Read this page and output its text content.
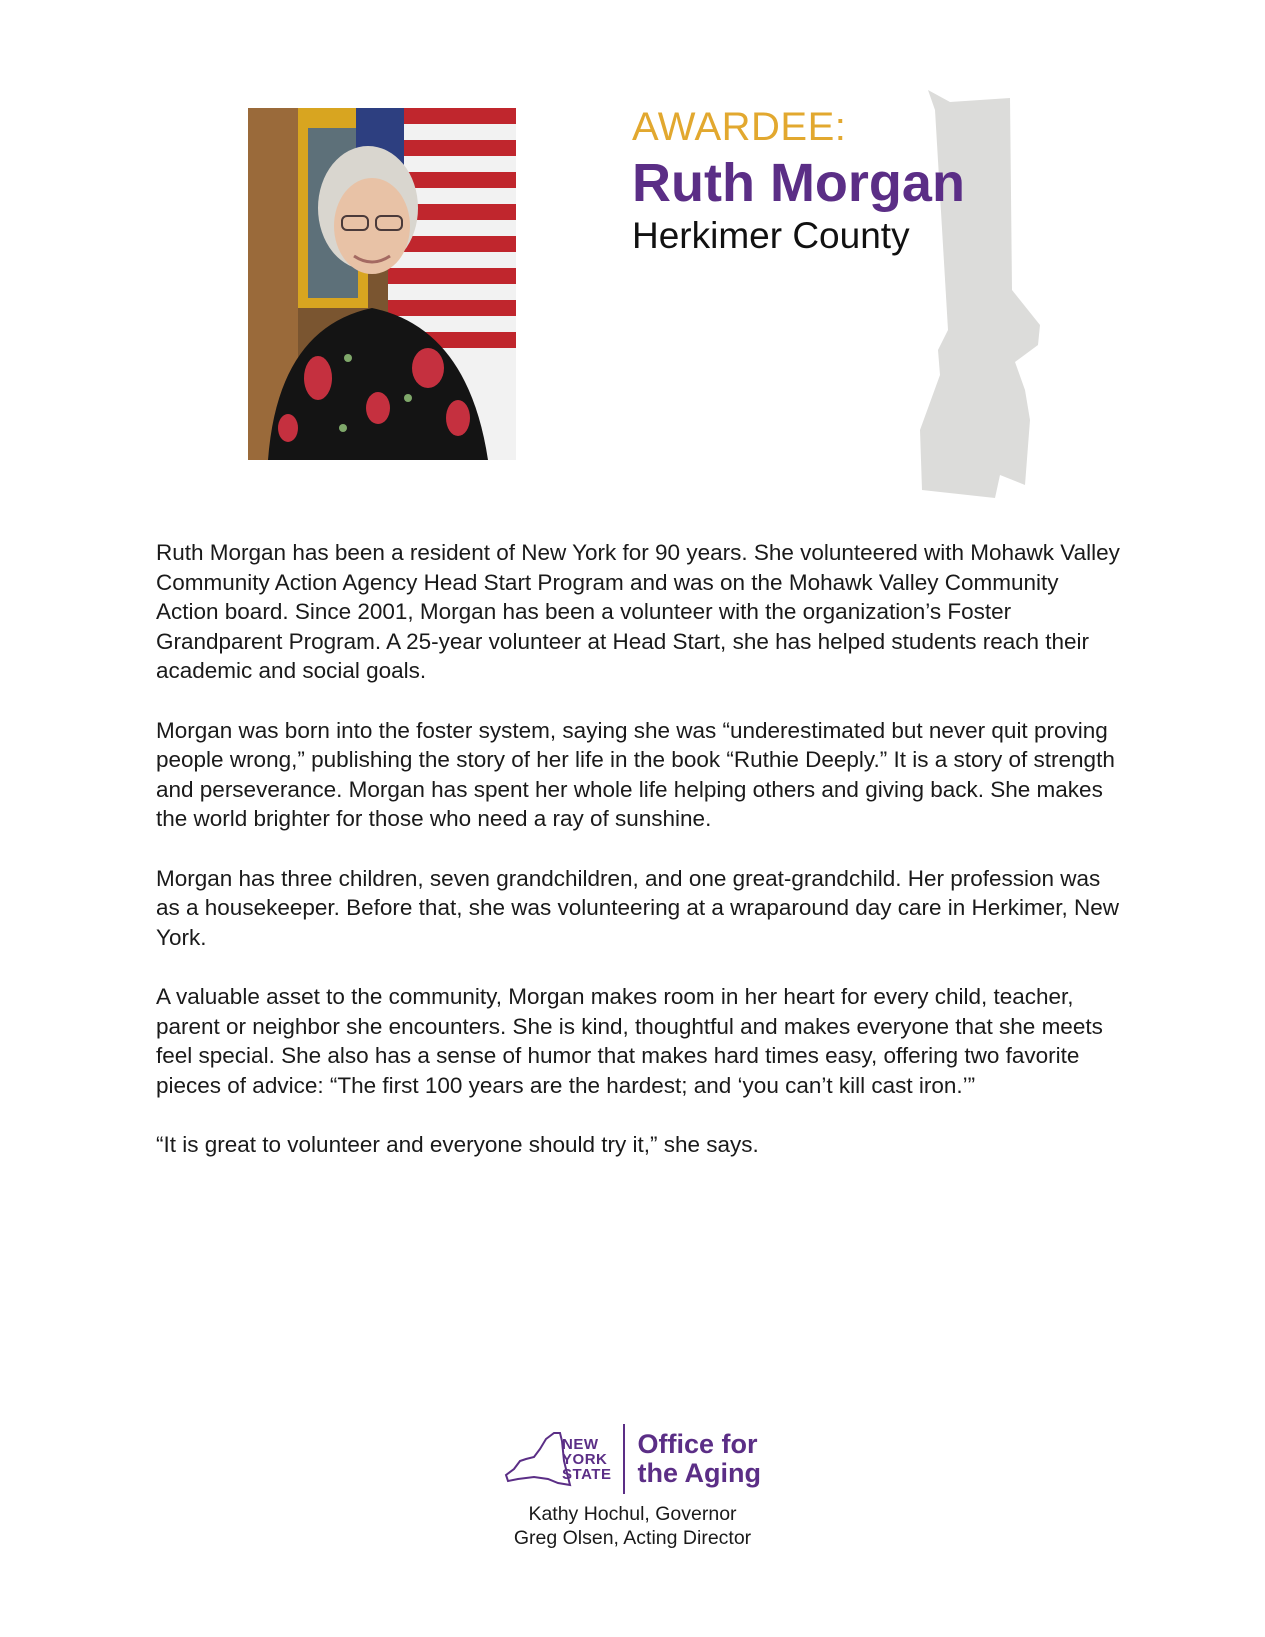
AWARDEE:
Ruth Morgan
Herkimer County

Ruth Morgan has been a resident of New York for 90 years. She volunteered with Mohawk Valley Community Action Agency Head Start Program and was on the Mohawk Valley Community Action board. Since 2001, Morgan has been a volunteer with the organization’s Foster Grandparent Program. A 25-year volunteer at Head Start, she has helped students reach their academic and social goals.

Morgan was born into the foster system, saying she was “underestimated but never quit proving people wrong,” publishing the story of her life in the book “Ruthie Deeply.” It is a story of strength and perseverance. Morgan has spent her whole life helping others and giving back. She makes the world brighter for those who need a ray of sunshine.

Morgan has three children, seven grandchildren, and one great-grandchild. Her profession was as a housekeeper. Before that, she was volunteering at a wraparound day care in Herkimer, New York.

A valuable asset to the community, Morgan makes room in her heart for every child, teacher, parent or neighbor she encounters. She is kind, thoughtful and makes everyone that she meets feel special. She also has a sense of humor that makes hard times easy, offering two favorite pieces of advice: “The first 100 years are the hardest; and ‘you can’t kill cast iron.’”

“It is great to volunteer and everyone should try it,” she says.

NEW
YORK
STATE
Office for
the Aging
Kathy Hochul, Governor
Greg Olsen, Acting Director
